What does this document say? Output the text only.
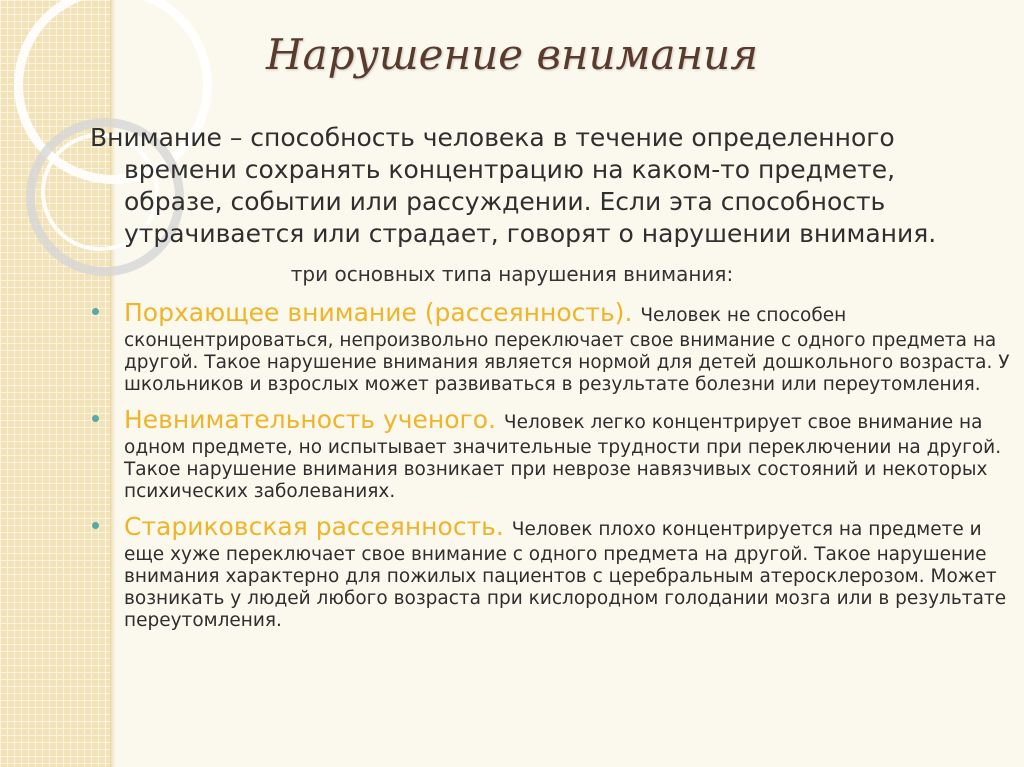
Нарушение внимания
Внимание – способность человека в течение определенного
времени сохранять концентрацию на каком-то предмете,
образе, событии или рассуждении. Если эта способность
утрачивается или страдает, говорят о нарушении внимания.
три основных типа нарушения внимания:
Порхающее внимание (рассеянность). Человек не способен сконцентрироваться, непроизвольно переключает свое внимание с одного предмета на другой. Такое нарушение внимания является нормой для детей дошкольного возраста. У школьников и взрослых может развиваться в результате болезни или переутомления.
Невнимательность ученого. Человек легко концентрирует свое внимание на одном предмете, но испытывает значительные трудности при переключении на другой. Такое нарушение внимания возникает при неврозе навязчивых состояний и некоторых психических заболеваниях.
Стариковская рассеянность. Человек плохо концентрируется на предмете и еще хуже переключает свое внимание с одного предмета на другой. Такое нарушение внимания характерно для пожилых пациентов с церебральным атеросклерозом. Может возникать у людей любого возраста при кислородном голодании мозга или в результате переутомления.
